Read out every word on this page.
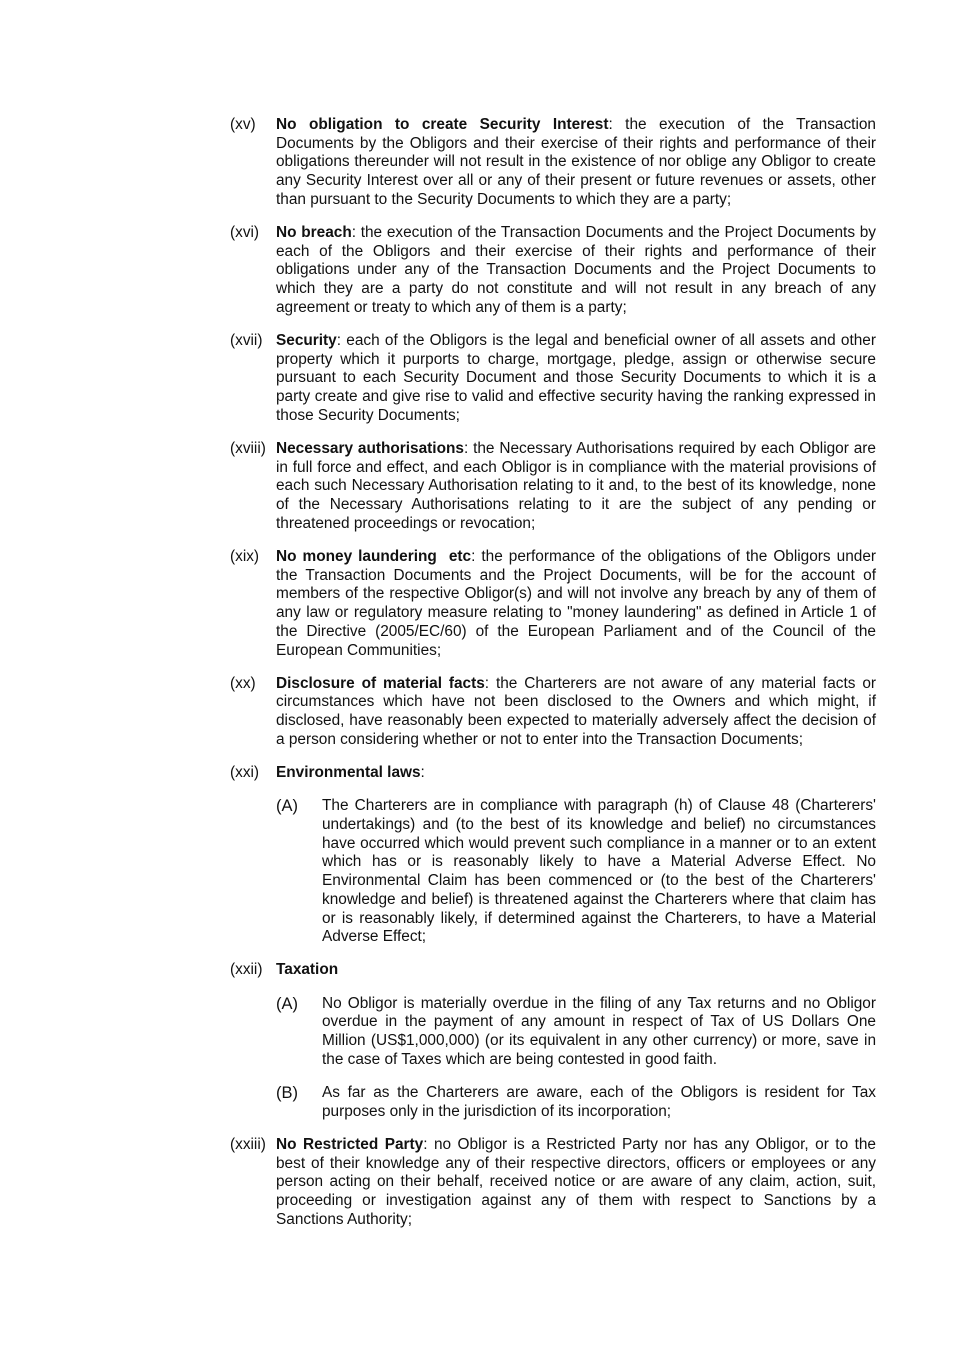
(xv)	No obligation to create Security Interest: the execution of the Transaction Documents by the Obligors and their exercise of their rights and performance of their obligations thereunder will not result in the existence of nor oblige any Obligor to create any Security Interest over all or any of their present or future revenues or assets, other than pursuant to the Security Documents to which they are a party;
(xvi)	No breach: the execution of the Transaction Documents and the Project Documents by each of the Obligors and their exercise of their rights and performance of their obligations under any of the Transaction Documents and the Project Documents to which they are a party do not constitute and will not result in any breach of any agreement or treaty to which any of them is a party;
(xvii) Security: each of the Obligors is the legal and beneficial owner of all assets and other property which it purports to charge, mortgage, pledge, assign or otherwise secure pursuant to each Security Document and those Security Documents to which it is a party create and give rise to valid and effective security having the ranking expressed in those Security Documents;
(xviii) Necessary authorisations: the Necessary Authorisations required by each Obligor are in full force and effect, and each Obligor is in compliance with the material provisions of each such Necessary Authorisation relating to it and, to the best of its knowledge, none of the Necessary Authorisations relating to it are the subject of any pending or threatened proceedings or revocation;
(xix)	No money laundering  etc: the performance of the obligations of the Obligors under the Transaction Documents and the Project Documents, will be for the account of members of the respective Obligor(s) and will not involve any breach by any of them of any law or regulatory measure relating to "money laundering" as defined in Article 1 of the Directive (2005/EC/60) of the European Parliament and of the Council of the European Communities;
(xx)	Disclosure of material facts: the Charterers are not aware of any material facts or circumstances which have not been disclosed to the Owners and which might, if disclosed, have reasonably been expected to materially adversely affect the decision of a person considering whether or not to enter into the Transaction Documents;
(xxi)	Environmental laws:
(A)	The Charterers are in compliance with paragraph (h) of Clause 48 (Charterers' undertakings) and (to the best of its knowledge and belief) no circumstances have occurred which would prevent such compliance in a manner or to an extent which has or is reasonably likely to have a Material Adverse Effect. No Environmental Claim has been commenced or (to the best of the Charterers' knowledge and belief) is threatened against the Charterers where that claim has or is reasonably likely, if determined against the Charterers, to have a Material Adverse Effect;
(xxii) Taxation
(A)	No Obligor is materially overdue in the filing of any Tax returns and no Obligor overdue in the payment of any amount in respect of Tax of US Dollars One Million (US$1,000,000) (or its equivalent in any other currency) or more, save in the case of Taxes which are being contested in good faith.
(B)	As far as the Charterers are aware, each of the Obligors is resident for Tax purposes only in the jurisdiction of its incorporation;
(xxiii) No Restricted Party: no Obligor is a Restricted Party nor has any Obligor, or to the best of their knowledge any of their respective directors, officers or employees or any person acting on their behalf, received notice or are aware of any claim, action, suit, proceeding or investigation against any of them with respect to Sanctions by a Sanctions Authority;
